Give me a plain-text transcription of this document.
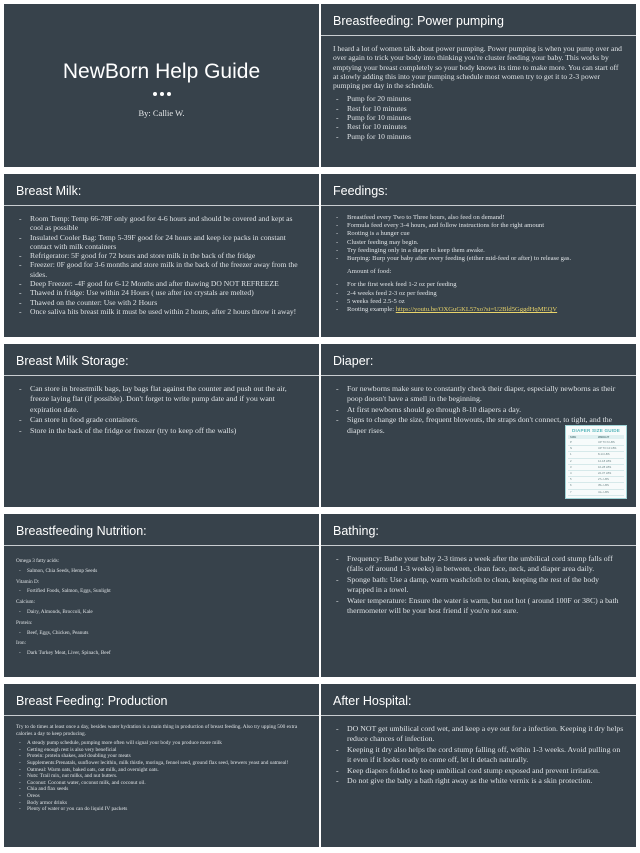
NewBorn Help Guide
By: Callie W.
Breastfeeding: Power pumping

I heard a lot of women talk about power pumping. Power pumping is when you pump over and over again to trick your body into thinking you're cluster feeding your baby. This works by emptying your breast completely so your body knows its time to make more. You can start off at slowly adding this into your pumping schedule most women try to get it to 2-3 power pumping per day in the schedule.

- Pump for 20 minutes
- Rest for 10 minutes
- Pump for 10 minutes
- Rest for 10 minutes
- Pump for 10 minutes
Breast Milk:
- Room Temp: Temp 66-78F only good for 4-6 hours and should be covered and kept as cool as possible
- Insulated Cooler Bag: Temp 5-39F good for 24 hours and keep ice packs in constant contact with milk containers
- Refrigerator: 5F good for 72 hours and store milk in the back of the fridge
- Freezer: 0F good for 3-6 months and store milk in the back of the freezer away from the sides.
- Deep Freezer: -4F good for 6-12 Months and after thawing DO NOT REFREEZE
- Thawed in fridge: Use within 24 Hours ( use after ice crystals are melted)
- Thawed on the counter: Use with 2 Hours
- Once saliva hits breast milk it must be used within 2 hours, after 2 hours throw it away!
Feedings:
- Breastfeed every Two to Three hours, also feed on demand!
- Formula feed every 3-4 hours, and follow instructions for the right amount
- Rooting is a hunger cue
- Cluster feeding may begin.
- Try feedinging only in a diaper to keep them awake.
- Burping: Burp your baby after every feeding (either mid-feed or after) to release gas.

Amount of food:

- For the first week feed 1-2 oz per feeding
- 2-4 weeks feed 2-3 oz per feeding
- 5 weeks feed 2.5-5 oz
- Rooting example: https://youtu.be/OXGuGKL57xo?si=U2Bld5GggdHqMEQV
Breast Milk Storage:
- Can store in breastmilk bags, lay bags flat against the counter and push out the air, freeze laying flat (if possible). Don't forget to write pump date and if you want expiration date.
- Can store in food grade containers.
- Store in the back of the fridge or freezer (try to keep off the walls)
Diaper:
- For newborns make sure to constantly check their diaper, especially newborns as their poop doesn't have a smell in the beginning.
- At first newborns should go through 8-10 diapers a day.
- Signs to change the size, frequent blowouts, the straps don't connect, to tight, and the diaper rises.	DIAPER SIZE GUIDE
SIZE	WEIGHT
P	UP TO 6 LBS
N	UP TO 10 LBS
1	8-14 LBS
2	12-18 LBS
3	16-28 LBS
4	22-37 LBS
5	27+ LBS
6	35+ LBS
7	41+ LBS
Breastfeeding Nutrition:
Omega 3 fatty acids:
- Salmon, Chia Seeds, Hemp Seeds
Vitamin D:
- Fortified Foods, Salmon, Eggs, Sunlight
Calcium:
- Dairy, Almonds, Broccoli, Kale
Protein:
- Beef, Eggs, Chicken, Peanuts
Iron:
- Dark Turkey Meat, Liver, Spinach, Beef
Bathing:
- Frequency: Bathe your baby 2-3 times a week after the umbilical cord stump falls off (falls off around 1-3 weeks) in between, clean face, neck, and diaper area daily.
- Sponge bath: Use a damp, warm washcloth to clean, keeping the rest of the body wrapped in a towel.
- Water temperature: Ensure the water is warm, but not hot ( around 100F or 38C) a bath thermometer will be your best friend if you're not sure.
Breast Feeding: Production

Try to do times at least once a day, besides water hydration is a main thing in production of breast feeding. Also try upping 500 extra calories a day to keep producing.

- A steady pump schedule, pumping more often will signal your body you produce more milk
- Getting enough rest is also very beneficial
- Protein: protein shakes, and doubling your meats
- Supplements:Prenatals, sunflower lecithin, milk thistle, moringa, fennel seed, ground flax seed, brewers yeast and oatmeal!
- Oatmeal: Warm oats, baked oats, oat milk, and overnight oats.
- Nuts: Trail mix, nut milks, and nut butters.
- Coconut: Coconut water, coconut milk, and coconut oil.
- Chia and flax seeds
- Oreos
- Body armor drinks
- Plenty of water or you can do liquid IV packets
After Hospital:
- DO NOT get umbilical cord wet, and keep a eye out for a infection. Keeping it dry helps reduce chances of infection.
- Keeping it dry also helps the cord stump falling off, within 1-3 weeks. Avoid pulling on it even if it looks ready to come off, let it detach naturally.
- Keep diapers folded to keep umbilical cord stump exposed and prevent irritation.
- Do not give the baby a bath right away as the white vernix is a skin protection.
